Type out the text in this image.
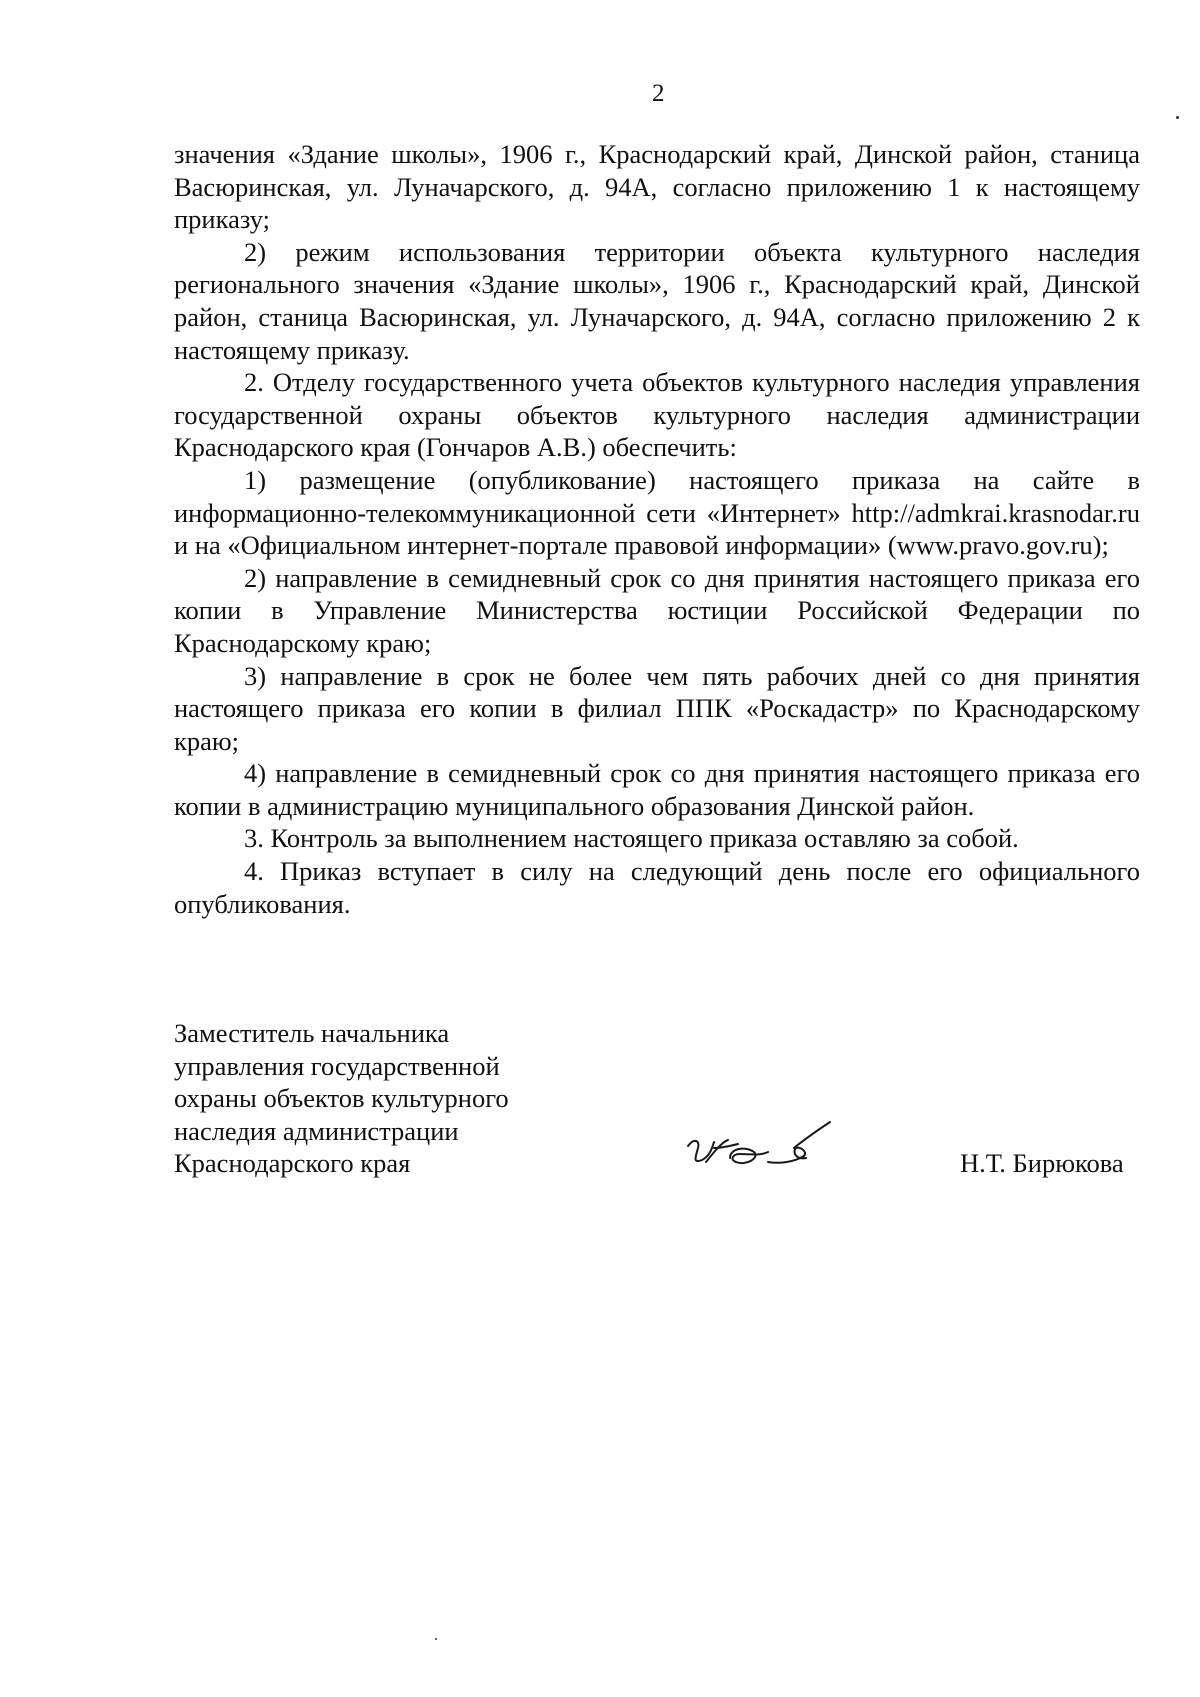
2

значения «Здание школы», 1906 г., Краснодарский край, Динской район, станица Васюринская, ул. Луначарского, д. 94А, согласно приложению 1 к настоящему приказу;

2) режим использования территории объекта культурного наследия регионального значения «Здание школы», 1906 г., Краснодарский край, Динской район, станица Васюринская, ул. Луначарского, д. 94А, согласно приложению 2 к настоящему приказу.

2. Отделу государственного учета объектов культурного наследия управления государственной охраны объектов культурного наследия администрации Краснодарского края (Гончаров А.В.) обеспечить:

1) размещение (опубликование) настоящего приказа на сайте в информационно-телекоммуникационной сети «Интернет» http://admkrai.krasnodar.ru и на «Официальном интернет-портале правовой информации» (www.pravo.gov.ru);

2) направление в семидневный срок со дня принятия настоящего приказа его копии в Управление Министерства юстиции Российской Федерации по Краснодарскому краю;

3) направление в срок не более чем пять рабочих дней со дня принятия настоящего приказа его копии в филиал ППК «Роскадастр» по Краснодарскому краю;

4) направление в семидневный срок со дня принятия настоящего приказа его копии в администрацию муниципального образования Динской район.

3. Контроль за выполнением настоящего приказа оставляю за собой.

4. Приказ вступает в силу на следующий день после его официального опубликования.

Заместитель начальника
управления государственной
охраны объектов культурного
наследия администрации
Краснодарского края	Н.Т. Бирюкова
